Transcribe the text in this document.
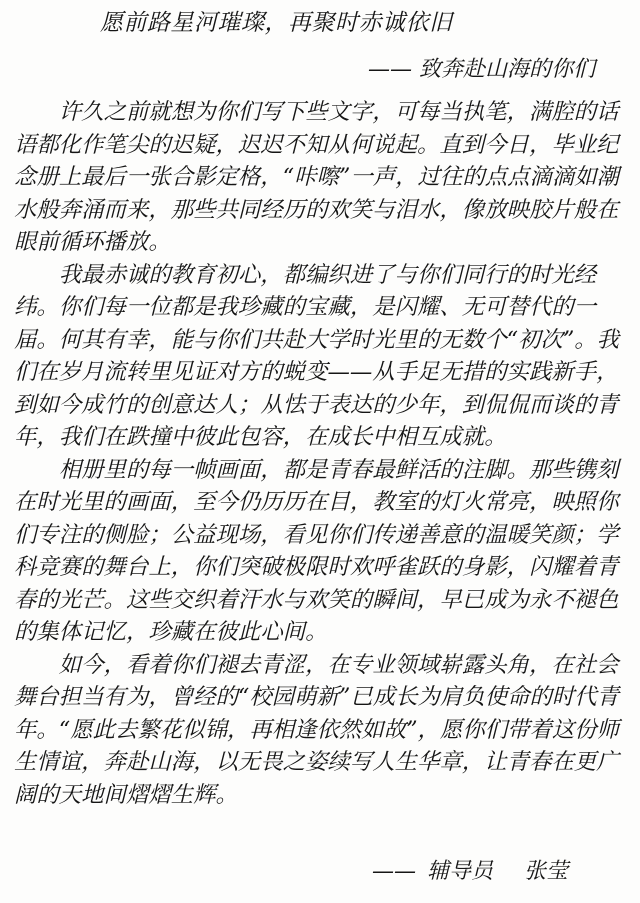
愿前路星河璀璨，再聚时赤诚依旧
—— 致奔赴山海的你们

许久之前就想为你们写下些文字，可每当执笔，满腔的话语都化作笔尖的迟疑，迟迟不知从何说起。直到今日，毕业纪念册上最后一张合影定格，“咔嚓”一声，过往的点点滴滴如潮水般奔涌而来，那些共同经历的欢笑与泪水，像放映胶片般在眼前循环播放。

我最赤诚的教育初心，都编织进了与你们同行的时光经纬。你们每一位都是我珍藏的宝藏，是闪耀、无可替代的一届。何其有幸，能与你们共赴大学时光里的无数个“初次”。我们在岁月流转里见证对方的蜕变——从手足无措的实践新手，到如今成竹的创意达人；从怯于表达的少年，到侃侃而谈的青年，我们在跌撞中彼此包容，在成长中相互成就。

相册里的每一帧画面，都是青春最鲜活的注脚。那些镌刻在时光里的画面，至今仍历历在目，教室的灯火常亮，映照你们专注的侧脸；公益现场，看见你们传递善意的温暖笑颜；学科竞赛的舞台上，你们突破极限时欢呼雀跃的身影，闪耀着青春的光芒。这些交织着汗水与欢笑的瞬间，早已成为永不褪色的集体记忆，珍藏在彼此心间。

如今，看着你们褪去青涩，在专业领域崭露头角，在社会舞台担当有为，曾经的“校园萌新”已成长为肩负使命的时代青年。“愿此去繁花似锦，再相逢依然如故”，愿你们带着这份师生情谊，奔赴山海，以无畏之姿续写人生华章，让青春在更广阔的天地间熠熠生辉。

—— 辅导员 张莹
